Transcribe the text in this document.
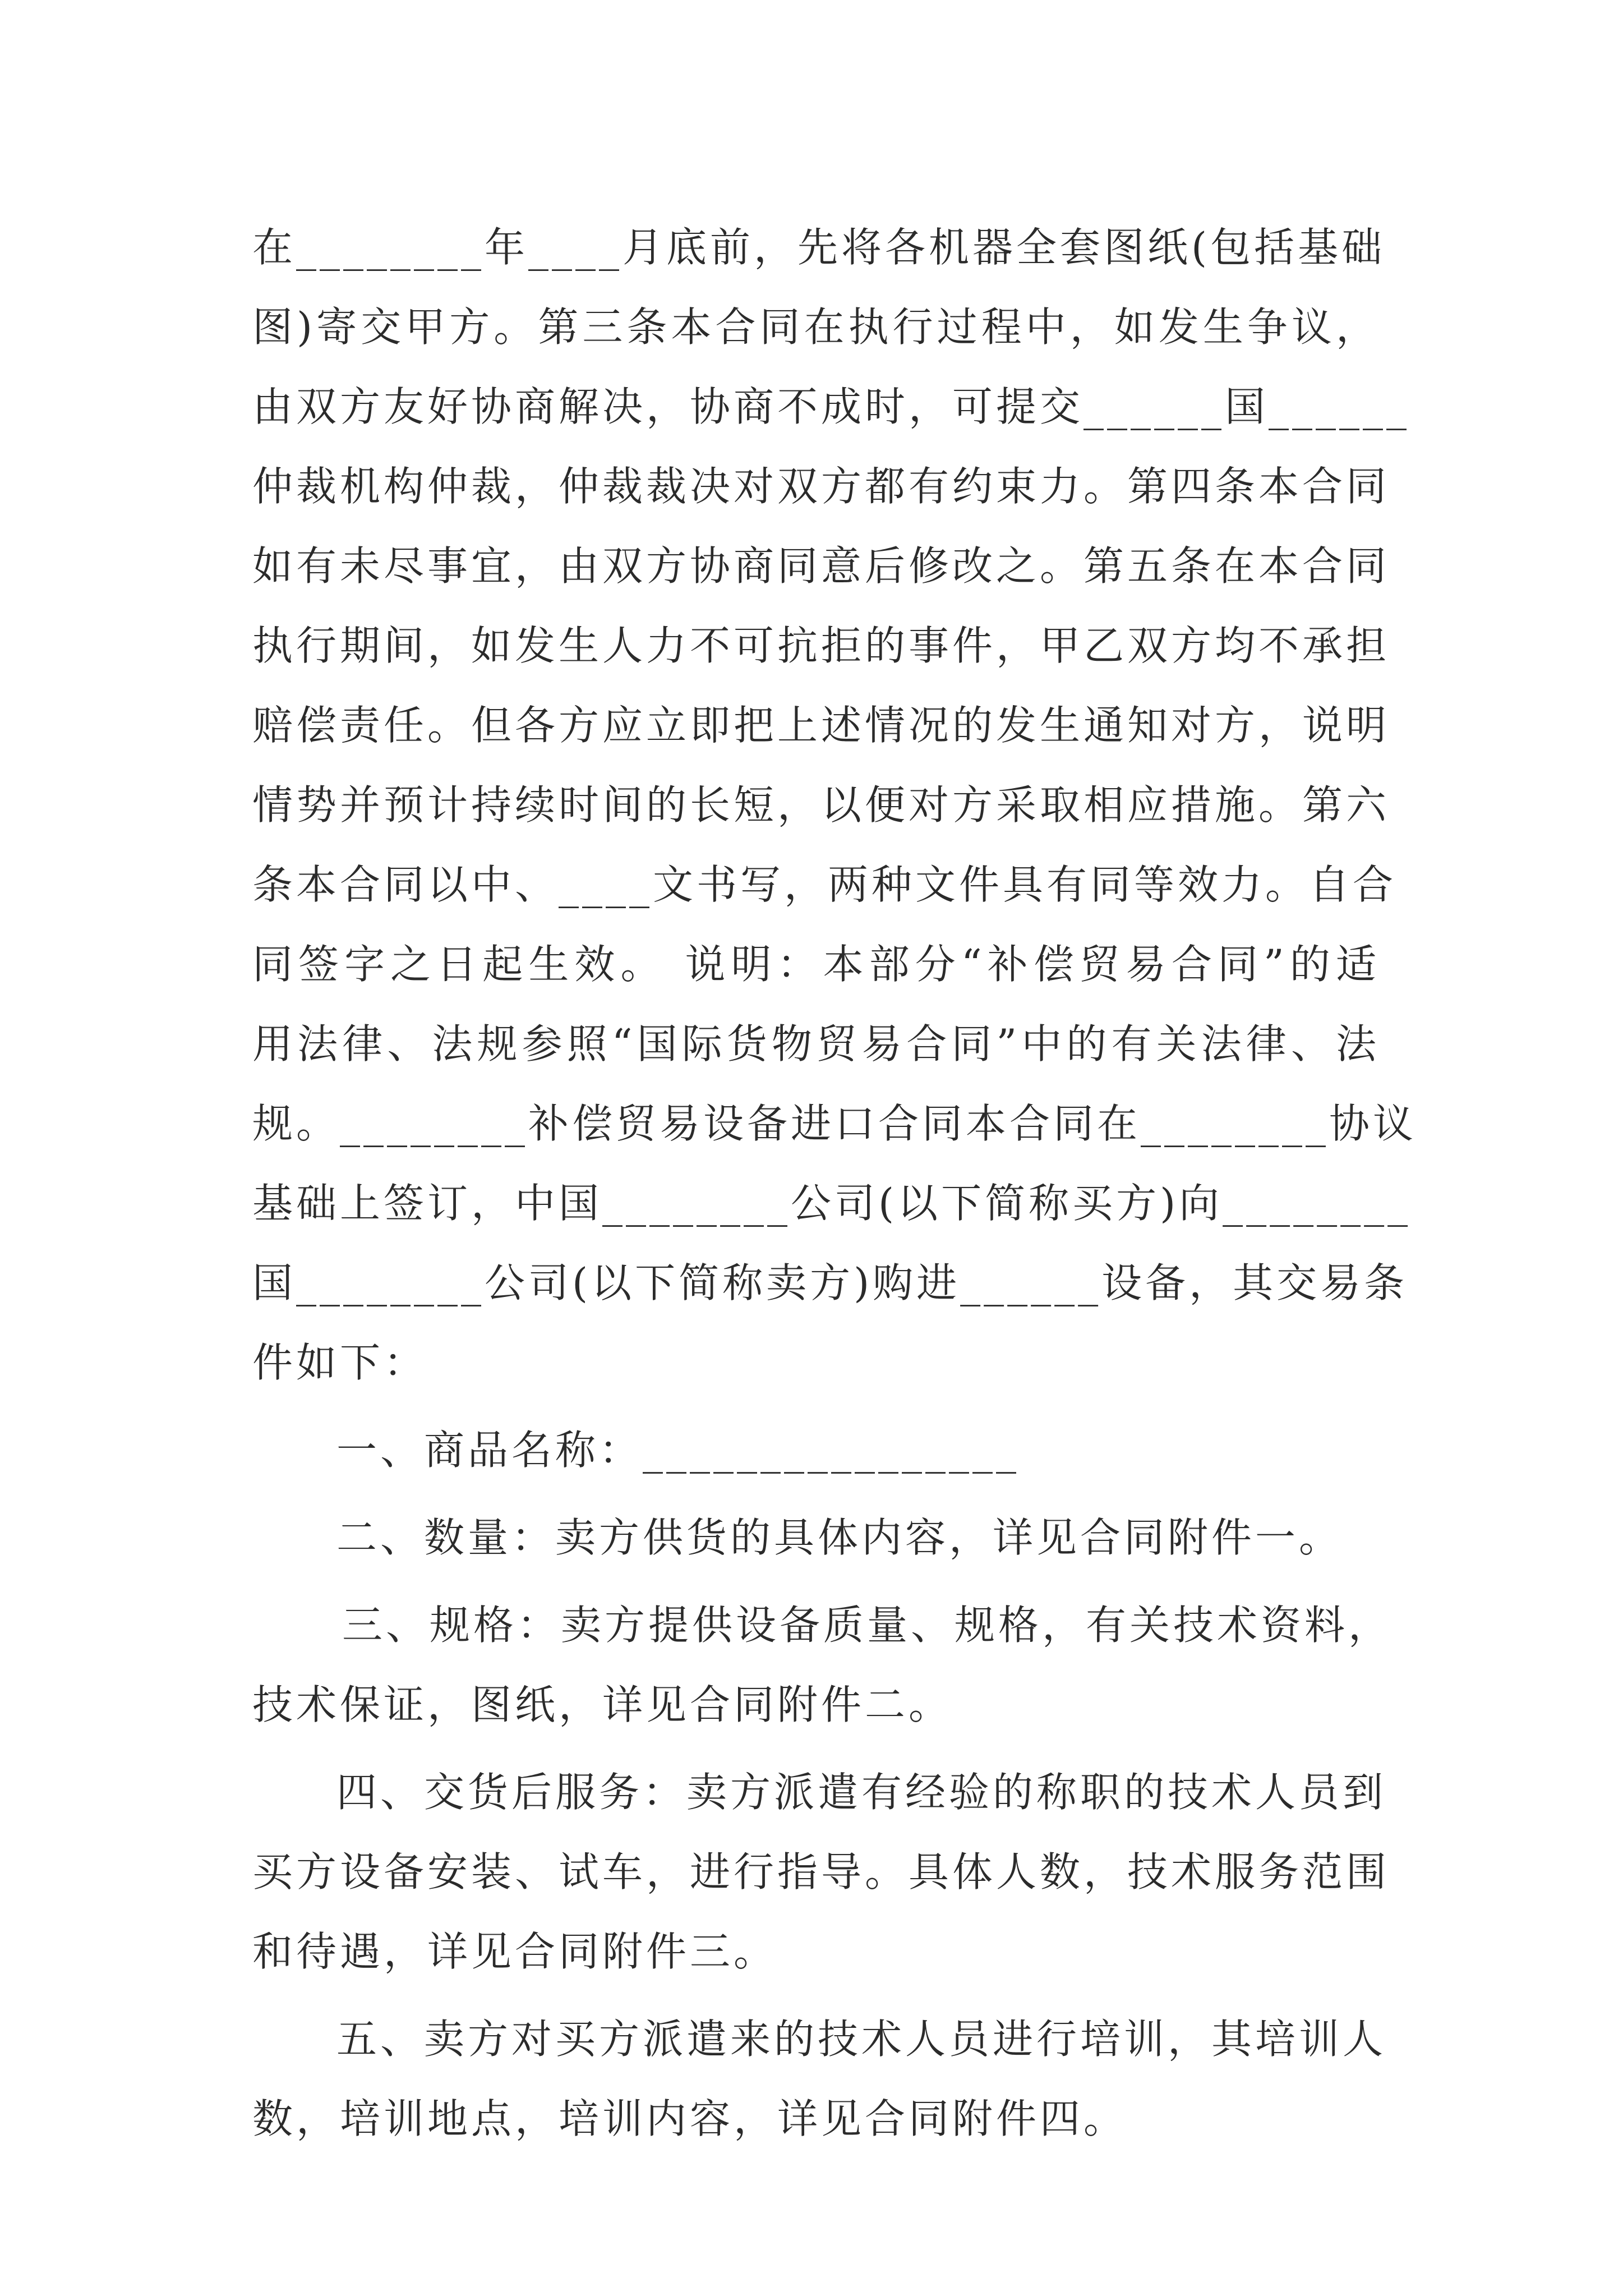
在________年____月底前，先将各机器全套图纸(包括基础
图)寄交甲方。第三条本合同在执行过程中，如发生争议，
由双方友好协商解决，协商不成时，可提交______国______
仲裁机构仲裁，仲裁裁决对双方都有约束力。第四条本合同
如有未尽事宜，由双方协商同意后修改之。第五条在本合同
执行期间，如发生人力不可抗拒的事件，甲乙双方均不承担
赔偿责任。但各方应立即把上述情况的发生通知对方，说明
情势并预计持续时间的长短，以便对方采取相应措施。第六
条本合同以中、____文书写，两种文件具有同等效力。自合
同签字之日起生效。 说明：本部分“补偿贸易合同”的适
用法律、法规参照“国际货物贸易合同”中的有关法律、法
规。________补偿贸易设备进口合同本合同在________协议
基础上签订，中国________公司(以下简称买方)向________
国________公司(以下简称卖方)购进______设备，其交易条
件如下：
一、商品名称：________________
二、数量：卖方供货的具体内容，详见合同附件一。
三、规格：卖方提供设备质量、规格，有关技术资料，
技术保证，图纸，详见合同附件二。
四、交货后服务：卖方派遣有经验的称职的技术人员到
买方设备安装、试车，进行指导。具体人数，技术服务范围
和待遇，详见合同附件三。
五、卖方对买方派遣来的技术人员进行培训，其培训人
数，培训地点，培训内容，详见合同附件四。
